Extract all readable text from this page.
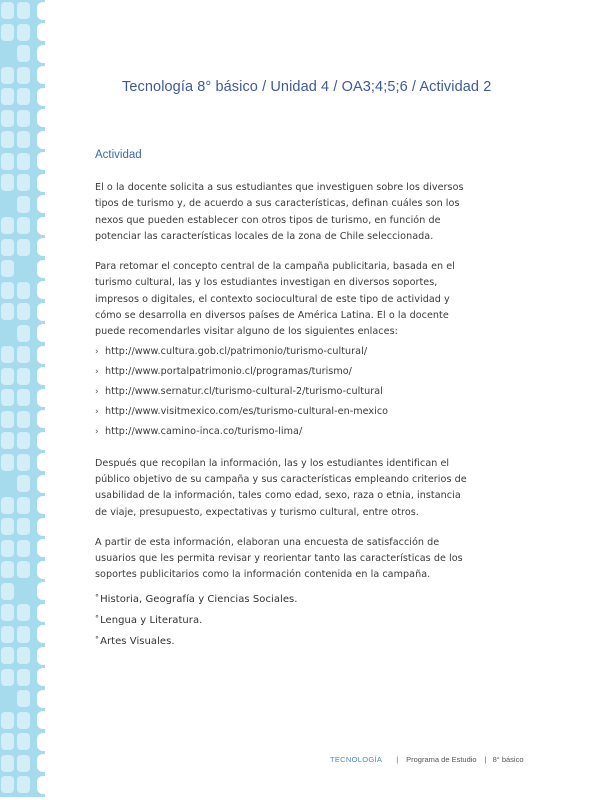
Tecnología 8° básico / Unidad 4 / OA3;4;5;6 / Actividad 2
Actividad

El o la docente solicita a sus estudiantes que investiguen sobre los diversos tipos de turismo y, de acuerdo a sus características, definan cuáles son los nexos que pueden establecer con otros tipos de turismo, en función de potenciar las características locales de la zona de Chile seleccionada.

Para retomar el concepto central de la campaña publicitaria, basada en el turismo cultural, las y los estudiantes investigan en diversos soportes, impresos o digitales, el contexto sociocultural de este tipo de actividad y cómo se desarrolla en diversos países de América Latina. El o la docente puede recomendarles visitar alguno de los siguientes enlaces:

› http://www.cultura.gob.cl/patrimonio/turismo-cultural/
› http://www.portalpatrimonio.cl/programas/turismo/
› http://www.sernatur.cl/turismo-cultural-2/turismo-cultural
› http://www.visitmexico.com/es/turismo-cultural-en-mexico
› http://www.camino-inca.co/turismo-lima/

Después que recopilan la información, las y los estudiantes identifican el público objetivo de su campaña y sus características empleando criterios de usabilidad de la información, tales como edad, sexo, raza o etnia, instancia de viaje, presupuesto, expectativas y turismo cultural, entre otros.

A partir de esta información, elaboran una encuesta de satisfacción de usuarios que les permita revisar y reorientar tanto las características de los soportes publicitarios como la información contenida en la campaña.

°Historia, Geografía y Ciencias Sociales.
°Lengua y Literatura.
°Artes Visuales.
TECNOLOGÍA | Programa de Estudio | 8° básico
